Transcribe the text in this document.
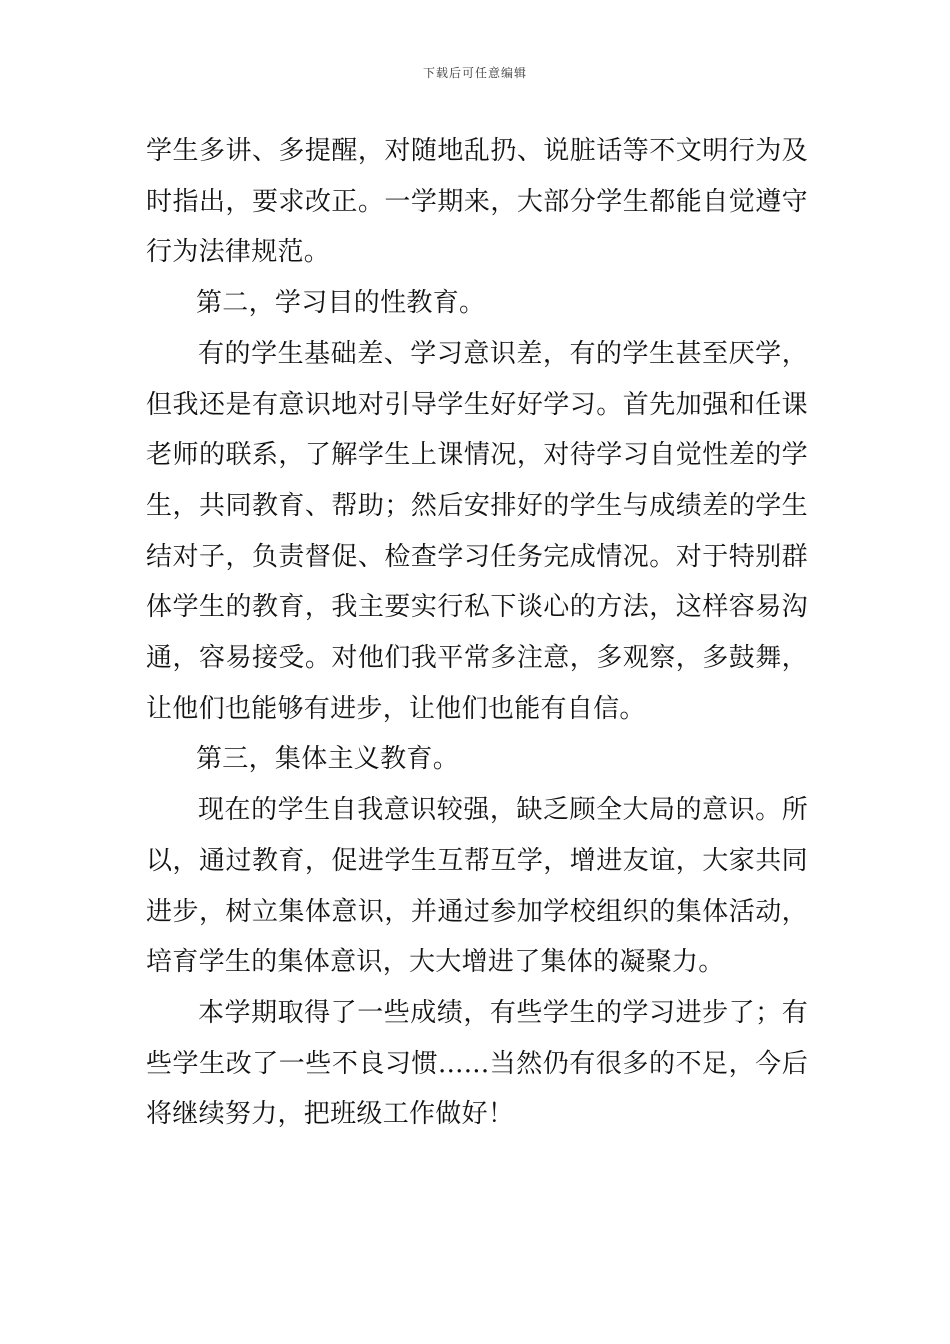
下载后可任意编辑

学生多讲、多提醒，对随地乱扔、说脏话等不文明行为及时指出，要求改正。一学期来，大部分学生都能自觉遵守行为法律规范。

第二，学习目的性教育。

有的学生基础差、学习意识差，有的学生甚至厌学，但我还是有意识地对引导学生好好学习。首先加强和任课老师的联系，了解学生上课情况，对待学习自觉性差的学生，共同教育、帮助；然后安排好的学生与成绩差的学生结对子，负责督促、检查学习任务完成情况。对于特别群体学生的教育，我主要实行私下谈心的方法，这样容易沟通，容易接受。对他们我平常多注意，多观察，多鼓舞，让他们也能够有进步，让他们也能有自信。

第三，集体主义教育。

现在的学生自我意识较强，缺乏顾全大局的意识。所以，通过教育，促进学生互帮互学，增进友谊，大家共同进步，树立集体意识，并通过参加学校组织的集体活动，培育学生的集体意识，大大增进了集体的凝聚力。

本学期取得了一些成绩，有些学生的学习进步了；有些学生改了一些不良习惯......当然仍有很多的不足，今后将继续努力，把班级工作做好！
